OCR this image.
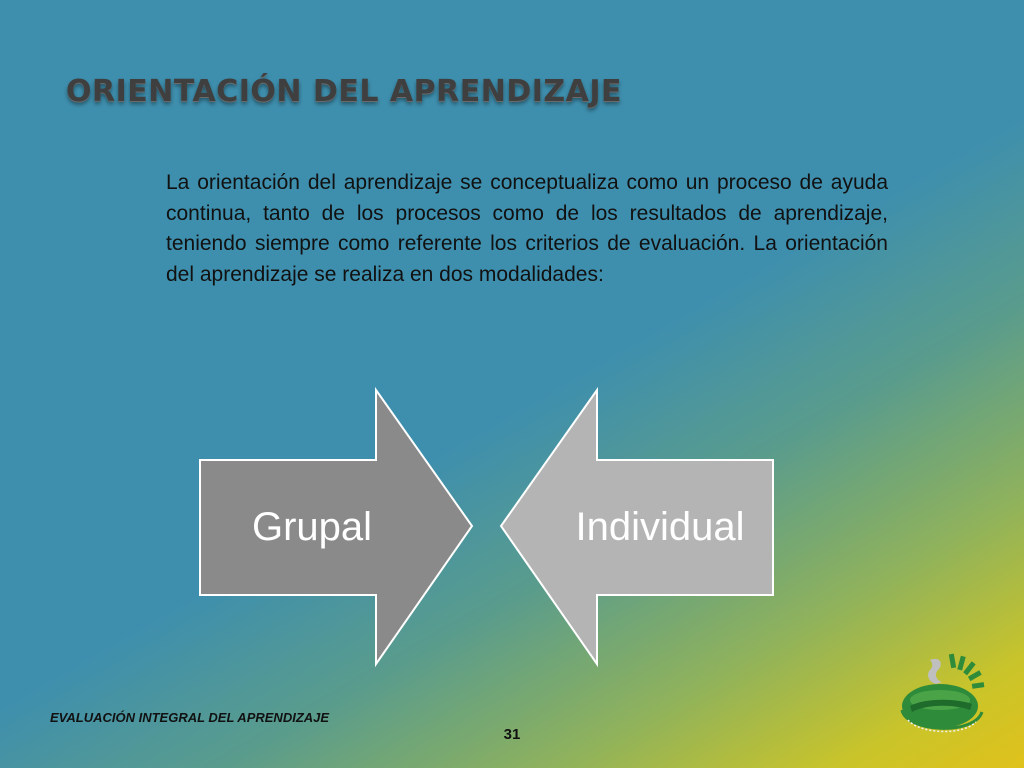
ORIENTACIÓN DEL APRENDIZAJE

La orientación del aprendizaje se conceptualiza como un proceso de ayuda continua, tanto de los procesos como de los resultados de aprendizaje, teniendo siempre como referente los criterios de evaluación. La orientación del aprendizaje se realiza en dos modalidades:

Grupal	Individual

EVALUACIÓN INTEGRAL DEL APRENDIZAJE

31
